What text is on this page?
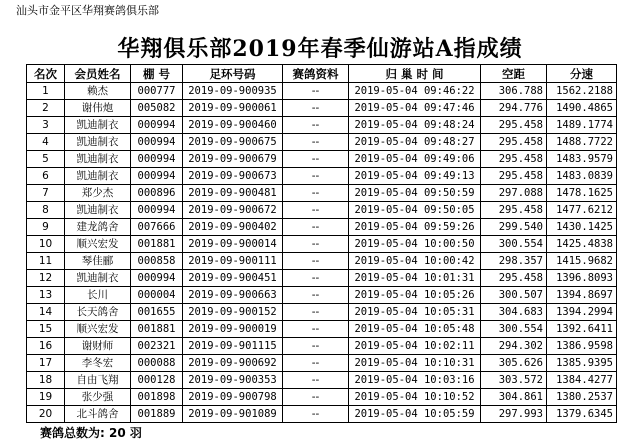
汕头市金平区华翔赛鸽俱乐部
华翔俱乐部2019年春季仙游站A指成绩
名次	会员姓名	棚 号	足环号码	赛鸽资料	归 巢 时 间	空距	分速
1	赖杰	000777	2019-09-900935	--	2019-05-04 09:46:22	306.788	1562.2188
2	谢伟炮	005082	2019-09-900061	--	2019-05-04 09:47:46	294.776	1490.4865
3	凯迪制衣	000994	2019-09-900460	--	2019-05-04 09:48:24	295.458	1489.1774
4	凯迪制衣	000994	2019-09-900675	--	2019-05-04 09:48:27	295.458	1488.7722
5	凯迪制衣	000994	2019-09-900679	--	2019-05-04 09:49:06	295.458	1483.9579
6	凯迪制衣	000994	2019-09-900673	--	2019-05-04 09:49:13	295.458	1483.0839
7	郑少杰	000896	2019-09-900481	--	2019-05-04 09:50:59	297.088	1478.1625
8	凯迪制衣	000994	2019-09-900672	--	2019-05-04 09:50:05	295.458	1477.6212
9	建龙鸽舍	007666	2019-09-900402	--	2019-05-04 09:59:26	299.540	1430.1425
10	顺兴宏发	001881	2019-09-900014	--	2019-05-04 10:00:50	300.554	1425.4838
11	琴佳郦	000858	2019-09-900111	--	2019-05-04 10:00:42	298.357	1415.9682
12	凯迪制衣	000994	2019-09-900451	--	2019-05-04 10:01:31	295.458	1396.8093
13	长川	000004	2019-09-900663	--	2019-05-04 10:05:26	300.507	1394.8697
14	长天鸽舍	001655	2019-09-900152	--	2019-05-04 10:05:31	304.683	1394.2994
15	顺兴宏发	001881	2019-09-900019	--	2019-05-04 10:05:48	300.554	1392.6411
16	谢财师	002321	2019-09-901115	--	2019-05-04 10:02:11	294.302	1386.9598
17	李冬宏	000088	2019-09-900692	--	2019-05-04 10:10:31	305.626	1385.9395
18	自由飞翔	000128	2019-09-900353	--	2019-05-04 10:03:16	303.572	1384.4277
19	张少强	001898	2019-09-900798	--	2019-05-04 10:10:52	304.861	1380.2537
20	北斗鸽舍	001889	2019-09-901089	--	2019-05-04 10:05:59	297.993	1379.6345
赛鸽总数为: 20 羽
